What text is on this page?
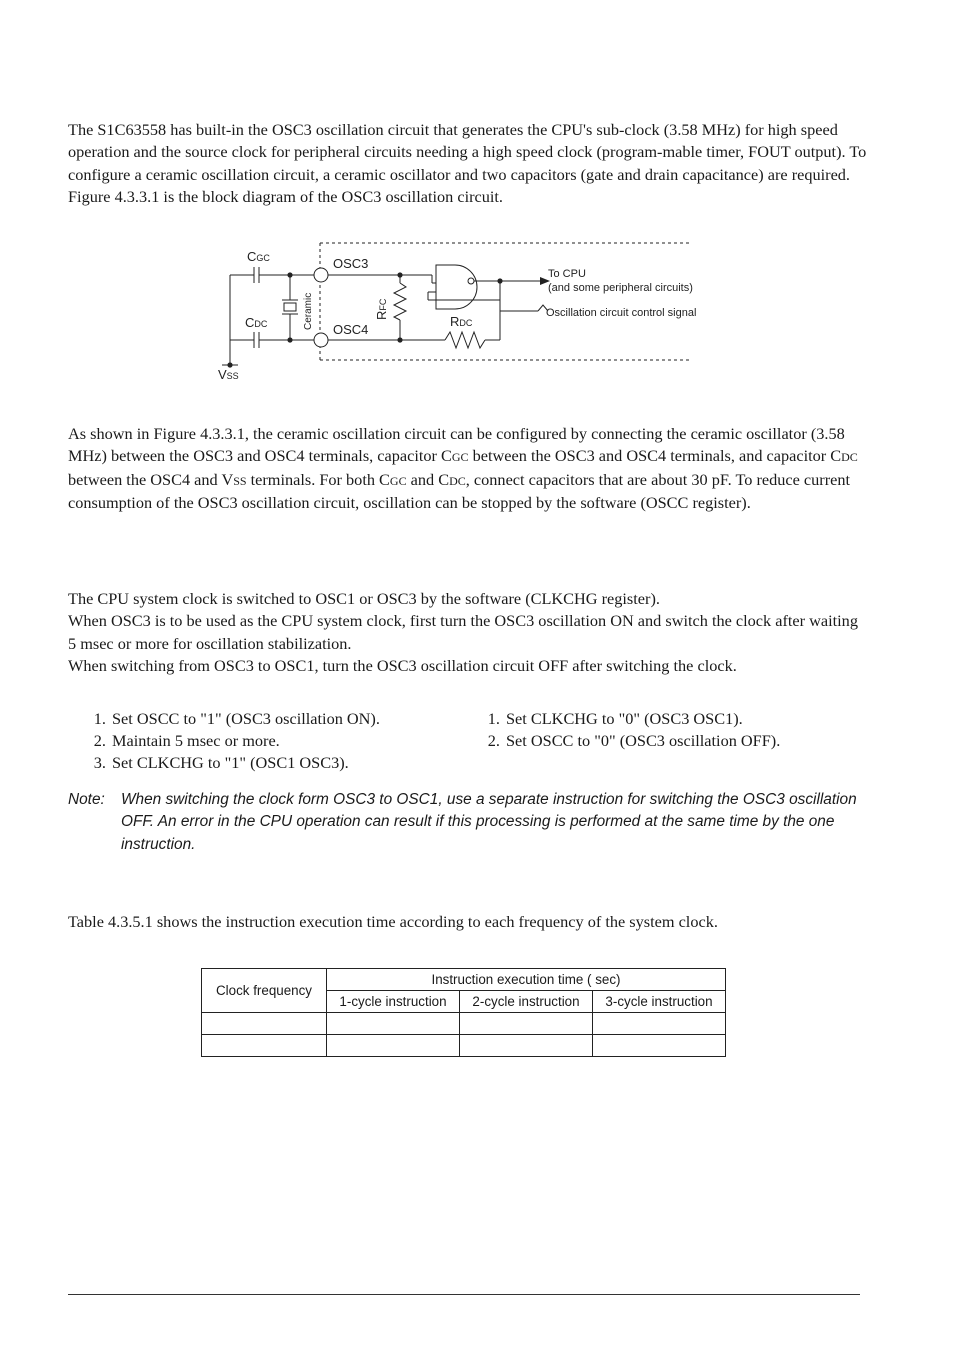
The S1C63558 has built-in the OSC3 oscillation circuit that generates the CPU's sub-clock (3.58 MHz) for high speed operation and the source clock for peripheral circuits needing a high speed clock (program-mable timer, FOUT output). To configure a ceramic oscillation circuit, a ceramic oscillator and two capacitors (gate and drain capacitance) are required. Figure 4.3.3.1 is the block diagram of the OSC3 oscillation circuit.

CGC
CDC
VSS
Ceramic
OSC3
OSC4
RFC
RDC
To CPU
(and some peripheral circuits)
Oscillation circuit control signal

As shown in Figure 4.3.3.1, the ceramic oscillation circuit can be configured by connecting the ceramic oscillator (3.58 MHz) between the OSC3 and OSC4 terminals, capacitor CGC between the OSC3 and OSC4 terminals, and capacitor CDC between the OSC4 and VSS terminals. For both CGC and CDC, connect capacitors that are about 30 pF. To reduce current consumption of the OSC3 oscillation circuit, oscillation can be stopped by the software (OSCC register).

The CPU system clock is switched to OSC1 or OSC3 by the software (CLKCHG register).

When OSC3 is to be used as the CPU system clock, first turn the OSC3 oscillation ON and switch the clock after waiting 5 msec or more for oscillation stabilization.

When switching from OSC3 to OSC1, turn the OSC3 oscillation circuit OFF after switching the clock.

1. Set OSCC to "1" (OSC3 oscillation ON).
2. Maintain 5 msec or more.
3. Set CLKCHG to "1" (OSC1 OSC3).
1. Set CLKCHG to "0" (OSC3 OSC1).
2. Set OSCC to "0" (OSC3 oscillation OFF).
Note: When switching the clock form OSC3 to OSC1, use a separate instruction for switching the OSC3 oscillation OFF. An error in the CPU operation can result if this processing is performed at the same time by the one instruction.

Table 4.3.5.1 shows the instruction execution time according to each frequency of the system clock.

Clock frequency	Instruction execution time ( sec)		
	1-cycle instruction	2-cycle instruction	3-cycle instruction
